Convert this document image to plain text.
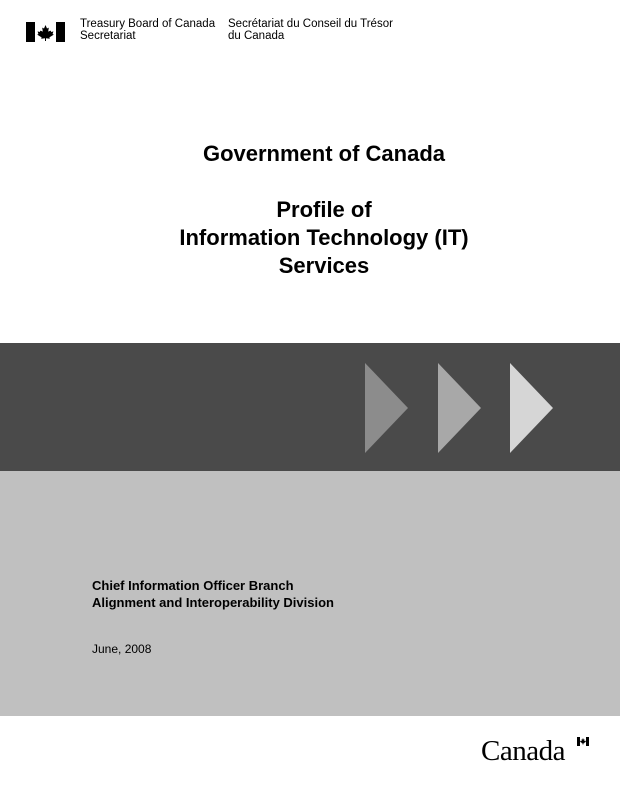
Treasury Board of Canada
Secretariat
Secrétariat du Conseil du Trésor
du Canada
Government of Canada
Profile of
Information Technology (IT)
Services
Chief Information Officer Branch
Alignment and Interoperability Division
June, 2008
Canada
